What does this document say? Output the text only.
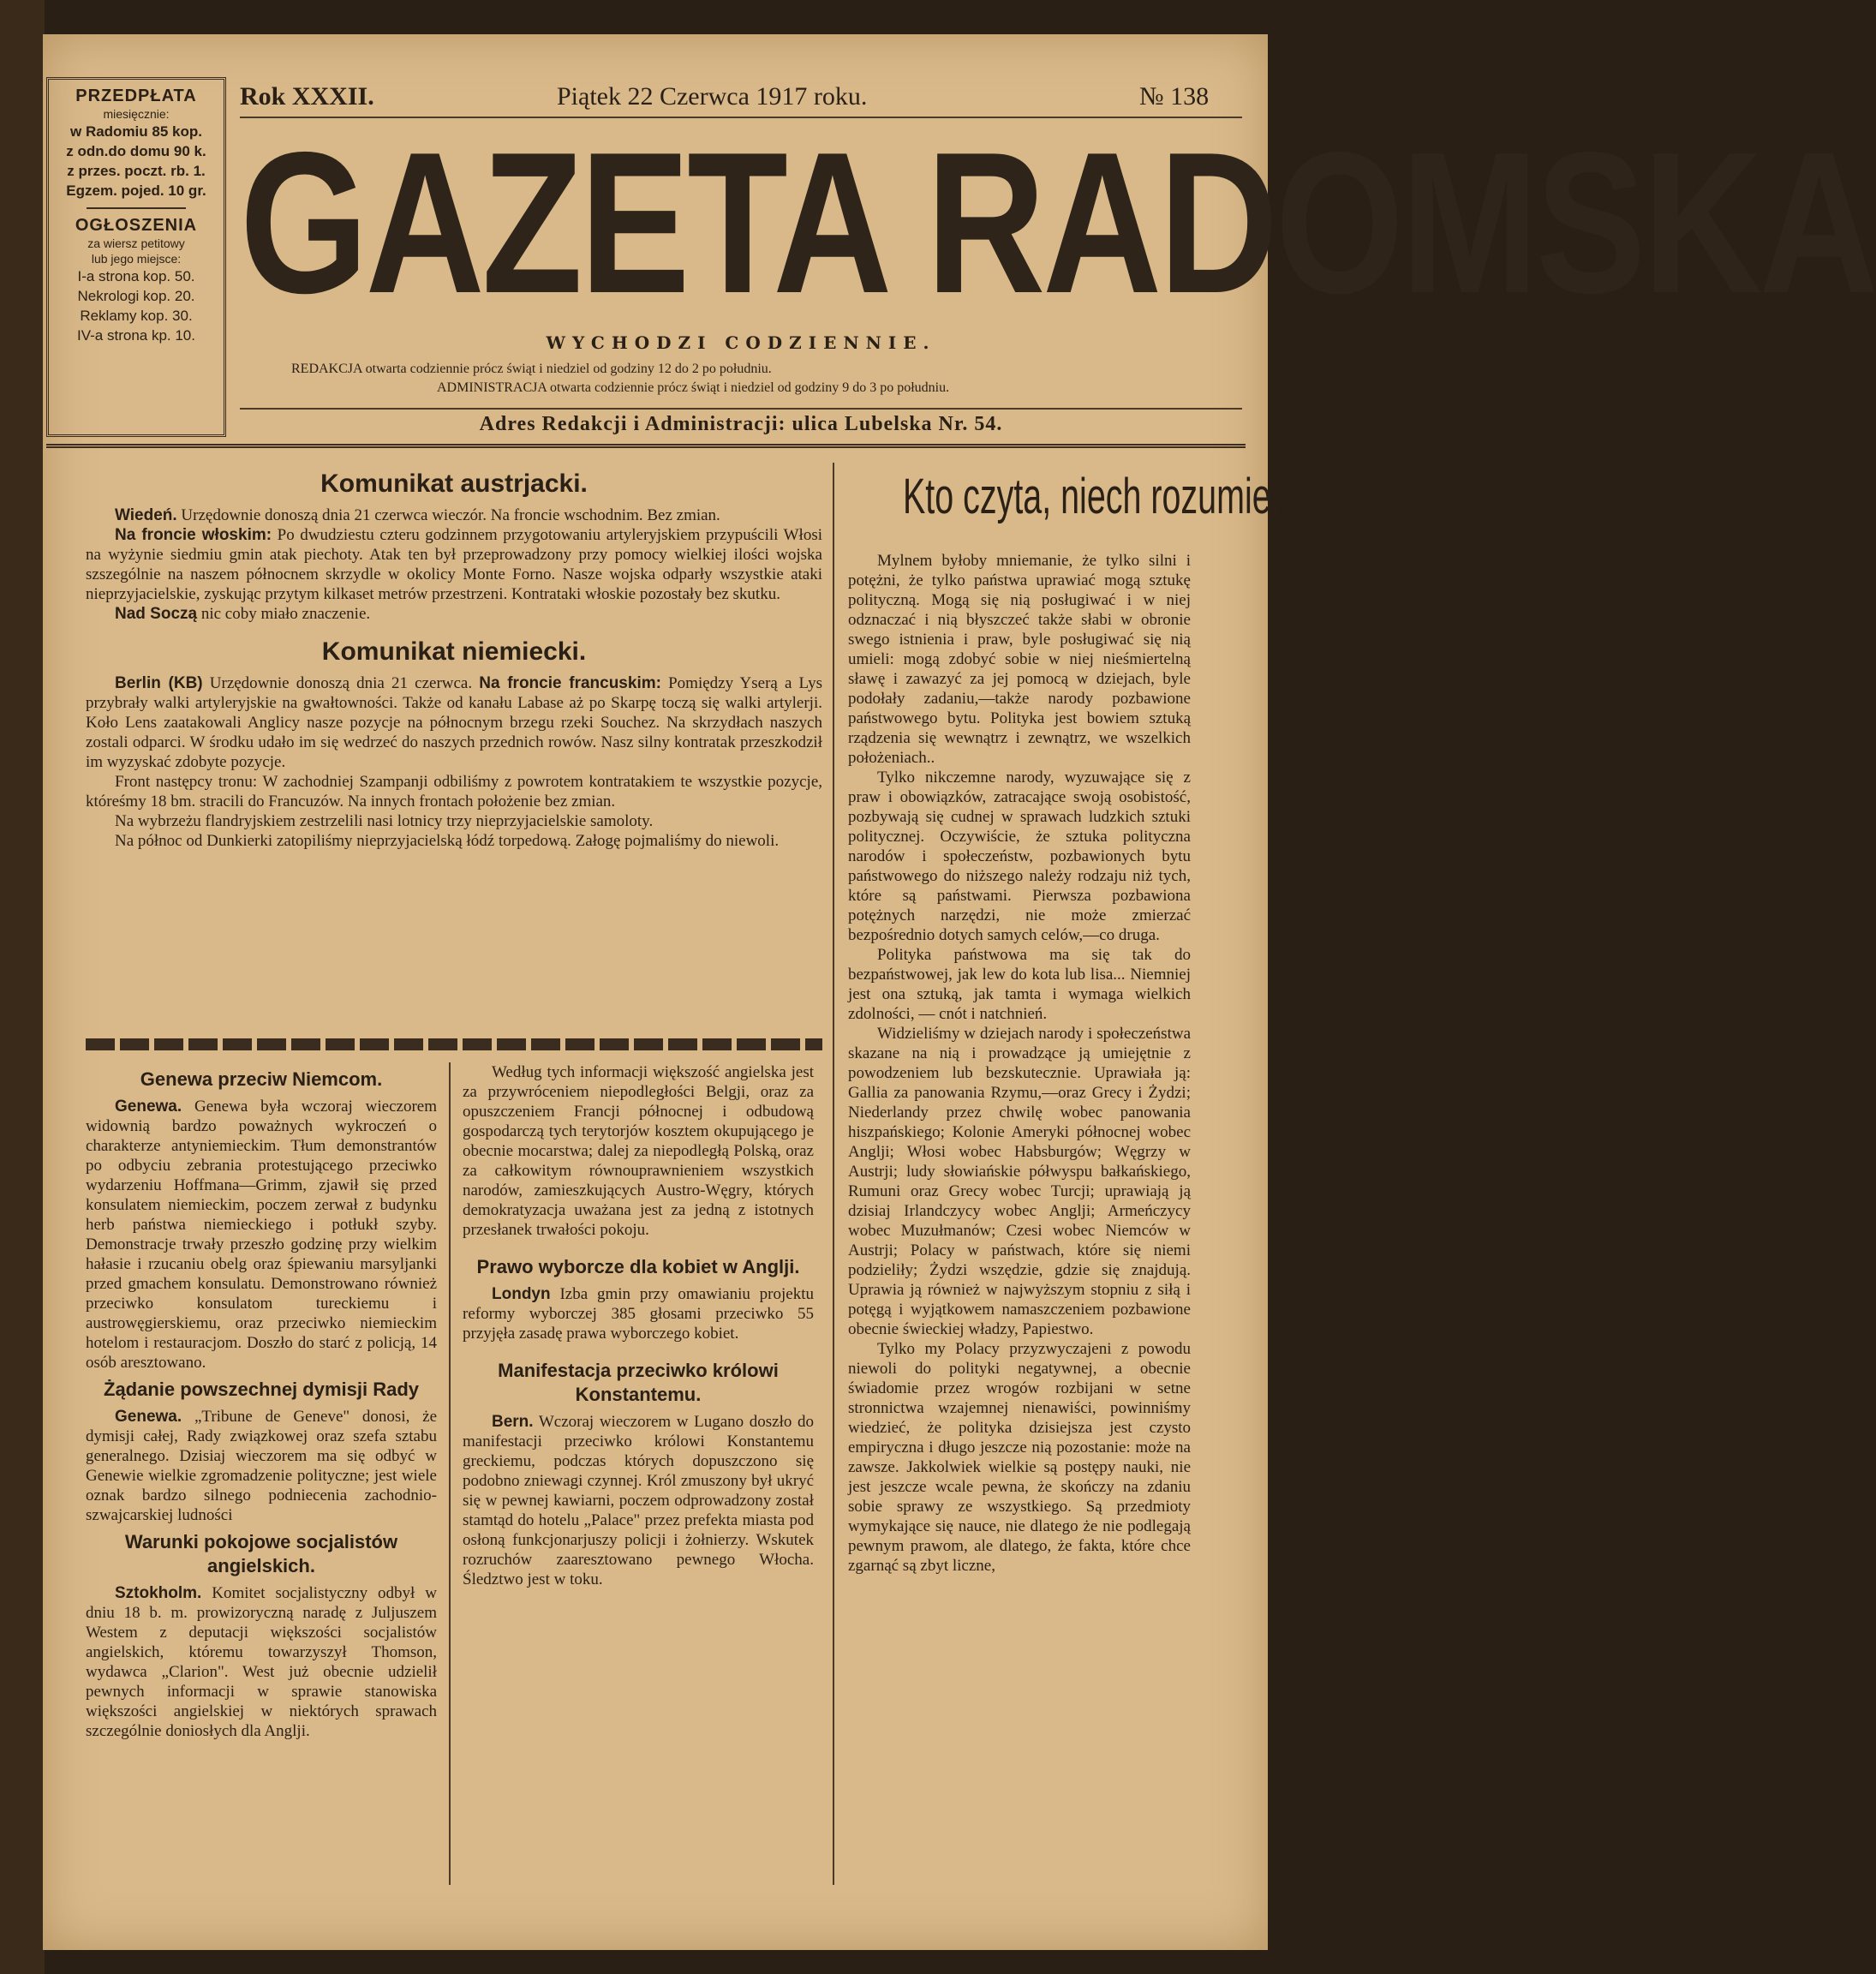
PRZEDPŁATA
miesięcznie:
w Radomiu 85 kop.
z odn.do domu 90 k.
z przes. poczt. rb. 1.
Egzem. pojed. 10 gr.
OGŁOSZENIA
za wiersz petitowy
lub jego miejsce:
I-a strona kop. 50.
Nekrologi kop. 20.
Reklamy kop. 30.
IV-a strona kp. 10.
Rok XXXII.	Piątek 22 Czerwca 1917 roku.	№ 138
GAZETA RADOMSKA
WYCHODZI CODZIENNIE.
REDAKCJA otwarta codziennie prócz świąt i niedziel od godziny 12 do 2 po południu.
ADMINISTRACJA otwarta codziennie prócz świąt i niedziel od godziny 9 do 3 po południu.
Adres Redakcji i Administracji: ulica Lubelska Nr. 54.
Komunikat austrjacki.

Wiedeń. Urzędownie donoszą dnia 21 czerwca wieczór. Na froncie wschodnim. Bez zmian.

Na froncie włoskim: Po dwudziestu czteru godzinnem przygotowaniu artyleryjskiem przypuścili Włosi na wyżynie siedmiu gmin atak piechoty. Atak ten był przeprowadzony przy pomocy wielkiej ilości wojska szszególnie na naszem północnem skrzydle w okolicy Monte Forno. Nasze wojska odparły wszystkie ataki nieprzyjacielskie, zyskując przytym kilkaset metrów przestrzeni. Kontrataki włoskie pozostały bez skutku.

Nad Soczą nic coby miało znaczenie.

Komunikat niemiecki.

Berlin (KB) Urzędownie donoszą dnia 21 czerwca. Na froncie francuskim: Pomiędzy Yserą a Lys przybrały walki artyleryjskie na gwałtowności. Także od kanału Labase aż po Skarpę toczą się walki artylerji. Koło Lens zaatakowali Anglicy nasze pozycje na północnym brzegu rzeki Souchez. Na skrzydłach naszych zostali odparci. W środku udało im się wedrzeć do naszych przednich rowów. Nasz silny kontratak przeszkodził im wyzyskać zdobyte pozycje.

Front następcy tronu: W zachodniej Szampanji odbiliśmy z powrotem kontratakiem te wszystkie pozycje, któreśmy 18 bm. stracili do Francuzów. Na innych frontach położenie bez zmian.

Na wybrzeżu flandryjskiem zestrzelili nasi lotnicy trzy nieprzyjacielskie samoloty.

Na północ od Dunkierki zatopiliśmy nieprzyjacielską łódź torpedową. Załogę pojmaliśmy do niewoli.

Genewa przeciw Niemcom.

Genewa. Genewa była wczoraj wieczorem widownią bardzo poważnych wykroczeń o charakterze antyniemieckim. Tłum demonstrantów po odbyciu zebrania protestującego przeciwko wydarzeniu Hoffmana—Grimm, zjawił się przed konsulatem niemieckim, poczem zerwał z budynku herb państwa niemieckiego i potłukł szyby. Demonstracje trwały przeszło godzinę przy wielkim hałasie i rzucaniu obelg oraz śpiewaniu marsyljanki przed gmachem konsulatu. Demonstrowano również przeciwko konsulatom tureckiemu i austrowęgierskiemu, oraz przeciwko niemieckim hotelom i restauracjom. Doszło do starć z policją, 14 osób aresztowano.

Żądanie powszechnej dymisji Rady

Genewa. „Tribune de Geneve" donosi, że dymisji całej, Rady związkowej oraz szefa sztabu generalnego. Dzisiaj wieczorem ma się odbyć w Genewie wielkie zgromadzenie polityczne; jest wiele oznak bardzo silnego podniecenia zachodnio-szwajcarskiej ludności

Warunki pokojowe socjalistów angielskich.

Sztokholm. Komitet socjalistyczny odbył w dniu 18 b. m. prowizoryczną naradę z Juljuszem Westem z deputacji większości socjalistów angielskich, któremu towarzyszył Thomson, wydawca „Clarion". West już obecnie udzielił pewnych informacji w sprawie stanowiska większości angielskiej w niektórych sprawach szczególnie doniosłych dla Anglji.

Według tych informacji większość angielska jest za przywróceniem niepodległości Belgji, oraz za opuszczeniem Francji północnej i odbudową gospodarczą tych terytorjów kosztem okupującego je obecnie mocarstwa; dalej za niepodległą Polską, oraz za całkowitym równouprawnieniem wszystkich narodów, zamieszkujących Austro-Węgry, których demokratyzacja uważana jest za jedną z istotnych przesłanek trwałości pokoju.

Prawo wyborcze dla kobiet w Anglji.

Londyn Izba gmin przy omawianiu projektu reformy wyborczej 385 głosami przeciwko 55 przyjęła zasadę prawa wyborczego kobiet.

Manifestacja przeciwko królowi Konstantemu.

Bern. Wczoraj wieczorem w Lugano doszło do manifestacji przeciwko królowi Konstantemu greckiemu, podczas których dopuszczono się podobno zniewagi czynnej. Król zmuszony był ukryć się w pewnej kawiarni, poczem odprowadzony został stamtąd do hotelu „Palace" przez prefekta miasta pod osłoną funkcjonarjuszy policji i żołnierzy. Wskutek rozruchów zaaresztowano pewnego Włocha. Śledztwo jest w toku.

Kto czyta, niech rozumie.

Mylnem byłoby mniemanie, że tylko silni i potężni, że tylko państwa uprawiać mogą sztukę polityczną. Mogą się nią posługiwać i w niej odznaczać i nią błyszczeć także słabi w obronie swego istnienia i praw, byle posługiwać się nią umieli: mogą zdobyć sobie w niej nieśmiertelną sławę i zawazyć za jej pomocą w dziejach, byle podołały zadaniu,—także narody pozbawione państwowego bytu. Polityka jest bowiem sztuką rządzenia się wewnątrz i zewnątrz, we wszelkich położeniach..

Tylko nikczemne narody, wyzuwające się z praw i obowiązków, zatracające swoją osobistość, pozbywają się cudnej w sprawach ludzkich sztuki politycznej. Oczywiście, że sztuka polityczna narodów i społeczeństw, pozbawionych bytu państwowego do niższego należy rodzaju niż tych, które są państwami. Pierwsza pozbawiona potężnych narzędzi, nie może zmierzać bezpośrednio dotych samych celów,—co druga.

Polityka państwowa ma się tak do bezpaństwowej, jak lew do kota lub lisa... Niemniej jest ona sztuką, jak tamta i wymaga wielkich zdolności, — cnót i natchnień.

Widzieliśmy w dziejach narody i społeczeństwa skazane na nią i prowadzące ją umiejętnie z powodzeniem lub bezskutecznie. Uprawiała ją: Gallia za panowania Rzymu,—oraz Grecy i Żydzi; Niederlandy przez chwilę wobec panowania hiszpańskiego; Kolonie Ameryki północnej wobec Anglji; Włosi wobec Habsburgów; Węgrzy w Austrji; ludy słowiańskie półwyspu bałkańskiego, Rumuni oraz Grecy wobec Turcji; uprawiają ją dzisiaj Irlandczycy wobec Anglji; Armeńczycy wobec Muzułmanów; Czesi wobec Niemców w Austrji; Polacy w państwach, które się niemi podzieliły; Żydzi wszędzie, gdzie się znajdują. Uprawia ją również w najwyższym stopniu z siłą i potęgą i wyjątkowem namaszczeniem pozbawione obecnie świeckiej władzy, Papiestwo.

Tylko my Polacy przyzwyczajeni z powodu niewoli do polityki negatywnej, a obecnie świadomie przez wrogów rozbijani w setne stronnictwa wzajemnej nienawiści, powinniśmy wiedzieć, że polityka dzisiejsza jest czysto empiryczna i długo jeszcze nią pozostanie: może na zawsze. Jakkolwiek wielkie są postępy nauki, nie jest jeszcze wcale pewna, że skończy na zdaniu sobie sprawy ze wszystkiego. Są przedmioty wymykające się nauce, nie dlatego że nie podlegają pewnym prawom, ale dlatego, że fakta, które chce zgarnąć są zbyt liczne,
